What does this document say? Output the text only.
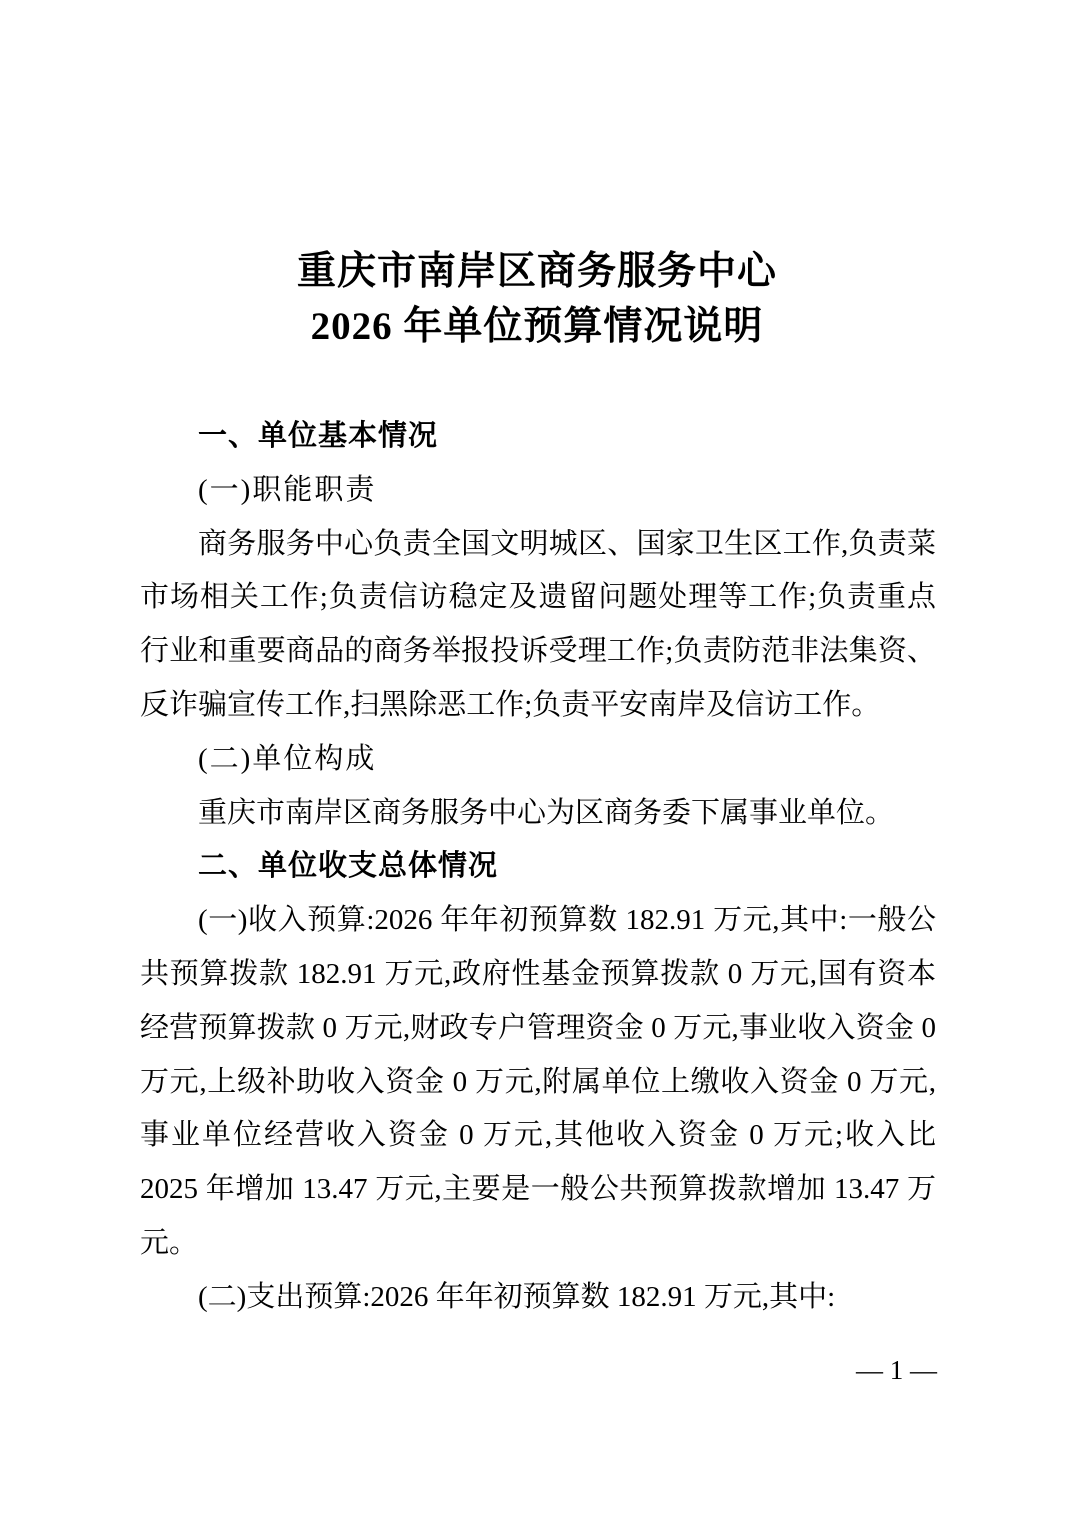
重庆市南岸区商务服务中心
2026 年单位预算情况说明

一、单位基本情况

(一)职能职责

商务服务中心负责全国文明城区、国家卫生区工作,负责菜市场相关工作;负责信访稳定及遗留问题处理等工作;负责重点行业和重要商品的商务举报投诉受理工作;负责防范非法集资、反诈骗宣传工作,扫黑除恶工作;负责平安南岸及信访工作。

(二)单位构成

重庆市南岸区商务服务中心为区商务委下属事业单位。

二、单位收支总体情况

(一)收入预算:2026 年年初预算数 182.91 万元,其中:一般公共预算拨款 182.91 万元,政府性基金预算拨款 0 万元,国有资本经营预算拨款 0 万元,财政专户管理资金 0 万元,事业收入资金 0 万元,上级补助收入资金 0 万元,附属单位上缴收入资金 0 万元,事业单位经营收入资金 0 万元,其他收入资金 0 万元;收入比 2025 年增加 13.47 万元,主要是一般公共预算拨款增加 13.47 万元。

(二)支出预算:2026 年年初预算数 182.91 万元,其中:

— 1 —
